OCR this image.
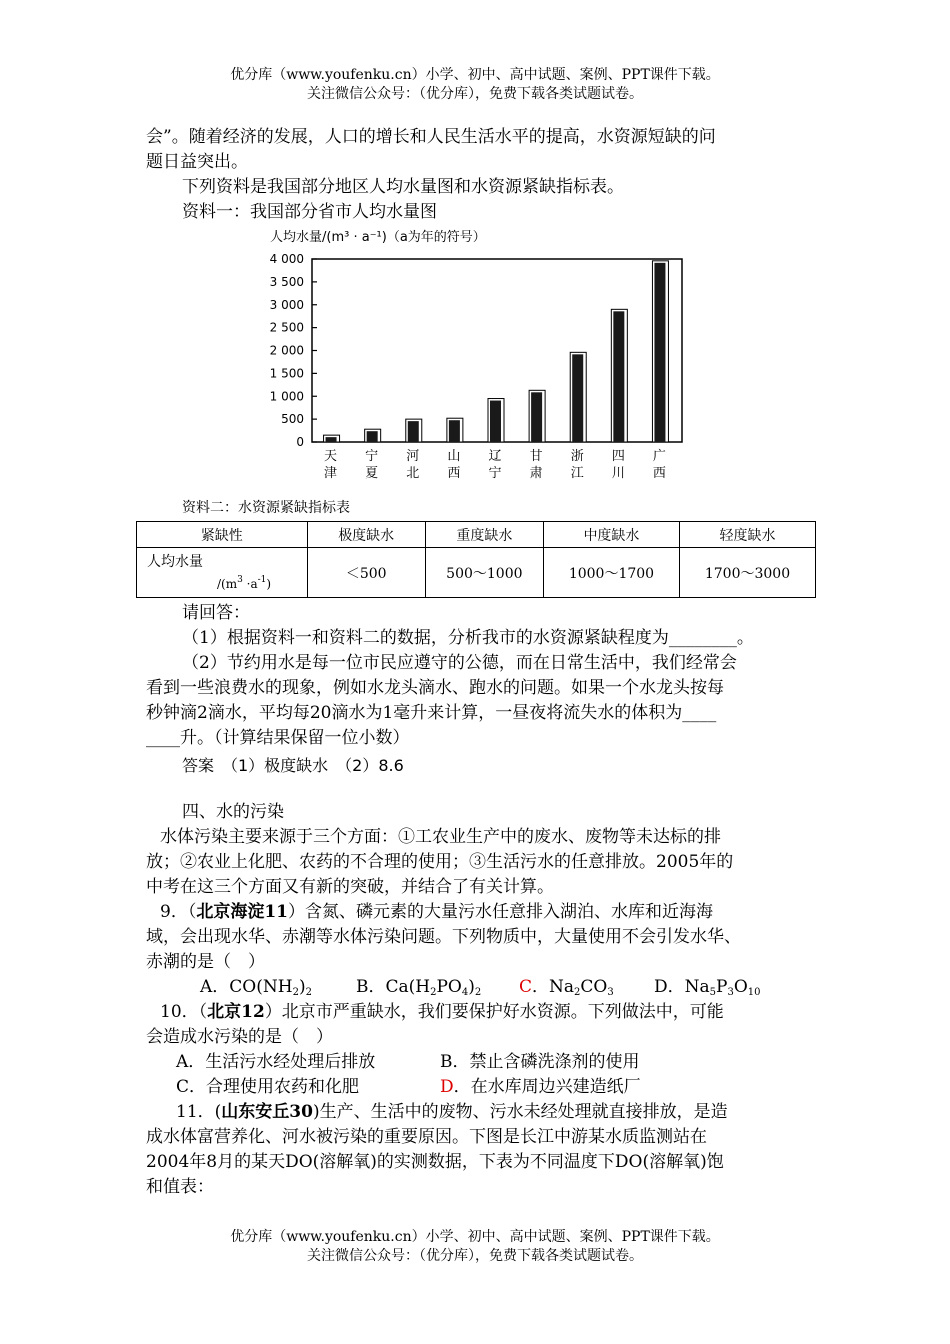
优分库（www.youfenku.cn）小学、初中、高中试题、案例、PPT课件下载。
关注微信公众号：（优分库），免费下载各类试题试卷。
会”。随着经济的发展，人口的增长和人民生活水平的提高，水资源短缺的问
题日益突出。
下列资料是我国部分地区人均水量图和水资源紧缺指标表。
资料一：我国部分省市人均水量图
人均水量/(m³ · a⁻¹)（a为年的符号）
4 000
3 500
3 000
2 500
2 000
1 500
1 000
500
0
天
津
宁
夏
河
北
山
西
辽
宁
甘
肃
浙
江
四
川
广
西
资料二：水资源紧缺指标表
紧缺性	极度缺水	重度缺水	中度缺水	轻度缺水
人均水量
$/(m^3 \cdot a^{-1})$	＜500	500～1000	1000～1700	1700～3000
请回答：
（1）根据资料一和资料二的数据，分析我市的水资源紧缺程度为________。
（2）节约用水是每一位市民应遵守的公德，而在日常生活中，我们经常会
看到一些浪费水的现象，例如水龙头滴水、跑水的问题。如果一个水龙头按每
秒钟滴2滴水，平均每20滴水为1毫升来计算，一昼夜将流失水的体积为____
____升。（计算结果保留一位小数）
答案　（1）极度缺水　（2）8.6
四、水的污染
水体污染主要来源于三个方面：①工农业生产中的废水、废物等未达标的排
放；②农业上化肥、农药的不合理的使用；③生活污水的任意排放。2005年的
中考在这三个方面又有新的突破，并结合了有关计算。
9．（北京海淀11）含氮、磷元素的大量污水任意排入湖泊、水库和近海海
域，会出现水华、赤潮等水体污染问题。下列物质中，大量使用不会引发水华、
赤潮的是（　）
A．$CO(NH_2)_2$	B．$Ca(H_2PO_4)_2$	C．$Na_2CO_3$	D．$Na_5P_3O_{10}$
10．（北京12）北京市严重缺水，我们要保护好水资源。下列做法中，可能
会造成水污染的是（　）
A．生活污水经处理后排放	B．禁止含磷洗涤剂的使用
C．合理使用农药和化肥	D．在水库周边兴建造纸厂
11．(山东安丘30)生产、生活中的废物、污水未经处理就直接排放，是造
成水体富营养化、河水被污染的重要原因。下图是长江中游某水质监测站在
2004年8月的某天DO(溶解氧)的实测数据，下表为不同温度下DO(溶解氧)饱
和值表：
优分库（www.youfenku.cn）小学、初中、高中试题、案例、PPT课件下载。
关注微信公众号：（优分库），免费下载各类试题试卷。
